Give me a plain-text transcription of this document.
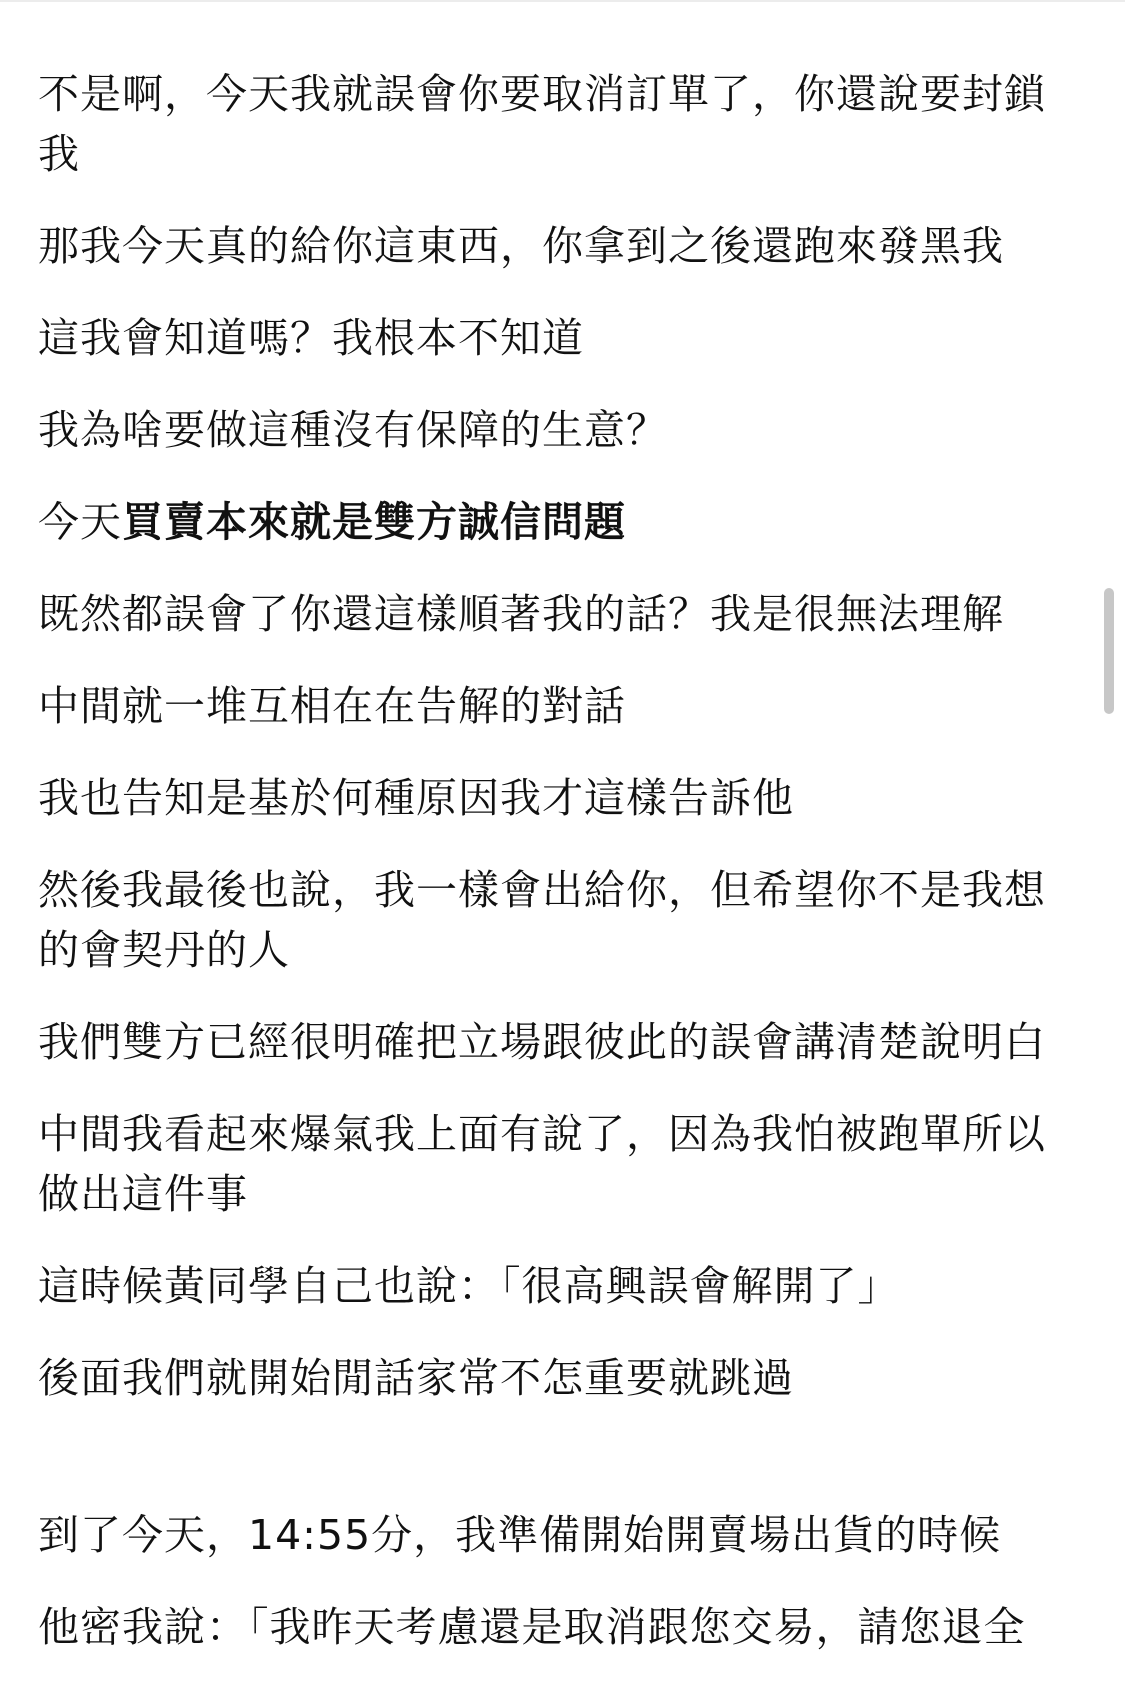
不是啊，今天我就誤會你要取消訂單了，你還說要封鎖我

那我今天真的給你這東西，你拿到之後還跑來發黑我

這我會知道嗎？我根本不知道

我為啥要做這種沒有保障的生意？

今天買賣本來就是雙方誠信問題

既然都誤會了你還這樣順著我的話？我是很無法理解

中間就一堆互相在在告解的對話

我也告知是基於何種原因我才這樣告訴他

然後我最後也說，我一樣會出給你，但希望你不是我想的會契丹的人

我們雙方已經很明確把立場跟彼此的誤會講清楚說明白

中間我看起來爆氣我上面有說了，因為我怕被跑單所以做出這件事

這時候黃同學自己也說：「很高興誤會解開了」

後面我們就開始閒話家常不怎重要就跳過

到了今天，14:55分，我準備開始開賣場出貨的時候

他密我說：「我昨天考慮還是取消跟您交易，請您退全
